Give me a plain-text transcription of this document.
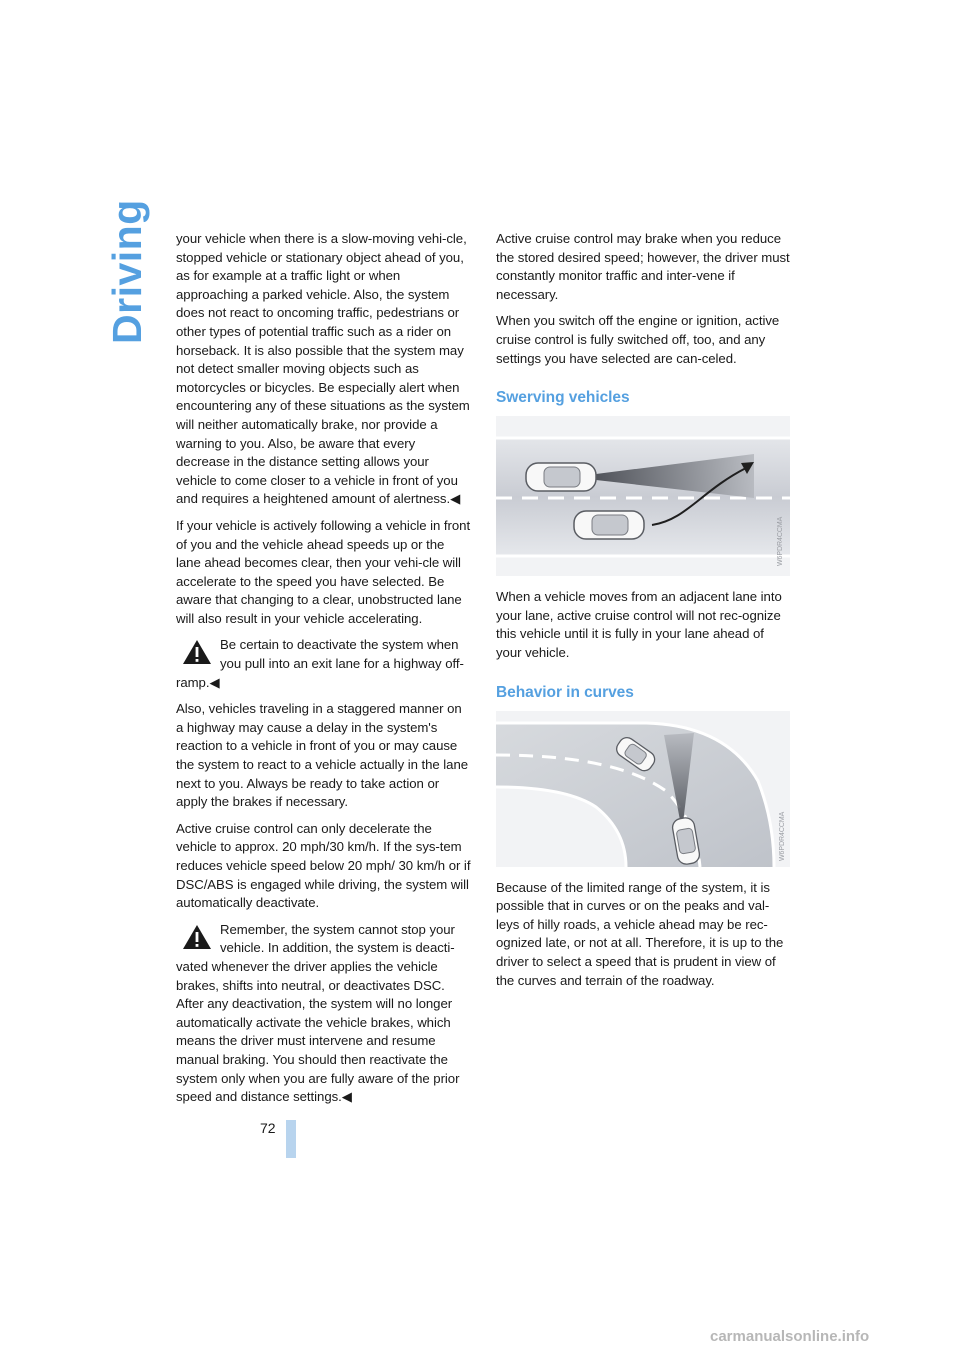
Driving your vehicle when there is a slow-moving vehi-cle, stopped vehicle or stationary object ahead of you, as for example at a traffic light or when approaching a parked vehicle. Also, the system does not react to oncoming traffic, pedestrians or other types of potential traffic such as a rider on horseback. It is also possible that the system may not detect smaller moving objects such as motorcycles or bicycles. Be especially alert when encountering any of these situations as the system will neither automatically brake, nor provide a warning to you. Also, be aware that every decrease in the distance setting allows your vehicle to come closer to a vehicle in front of you and requires a heightened amount of alertness.◀

If your vehicle is actively following a vehicle in front of you and the vehicle ahead speeds up or the lane ahead becomes clear, then your vehi-cle will accelerate to the speed you have selected. Be aware that changing to a clear, unobstructed lane will also result in your vehicle accelerating.

Be certain to deactivate the system when you pull into an exit lane for a highway off-
ramp.◀

Also, vehicles traveling in a staggered manner on a highway may cause a delay in the system's reaction to a vehicle in front of you or may cause the system to react to a vehicle actually in the lane next to you. Always be ready to take action or apply the brakes if necessary.

Active cruise control can only decelerate the vehicle to approx. 20 mph/30 km/h. If the sys-tem reduces vehicle speed below 20 mph/ 30 km/h or if DSC/ABS is engaged while driving, the system will automatically deactivate.

Remember, the system cannot stop your vehicle. In addition, the system is deacti-
vated whenever the driver applies the vehicle brakes, shifts into neutral, or deactivates DSC. After any deactivation, the system will no longer automatically activate the vehicle brakes, which means the driver must intervene and resume manual braking. You should then reactivate the system only when you are fully aware of the prior speed and distance settings.◀

Active cruise control may brake when you reduce the stored desired speed; however, the driver must constantly monitor traffic and inter-vene if necessary.

When you switch off the engine or ignition, active cruise control is fully switched off, too, and any settings you have selected are can-celed.

Swerving vehicles
W6PDR4CCMA

When a vehicle moves from an adjacent lane into your lane, active cruise control will not rec-ognize this vehicle until it is fully in your lane ahead of your vehicle.

Behavior in curves
W6PDR4CCMA

Because of the limited range of the system, it is possible that in curves or on the peaks and val-leys of hilly roads, a vehicle ahead may be rec-ognized late, or not at all. Therefore, it is up to the driver to select a speed that is prudent in view of the curves and terrain of the roadway.

72
carmanualsonline.info
